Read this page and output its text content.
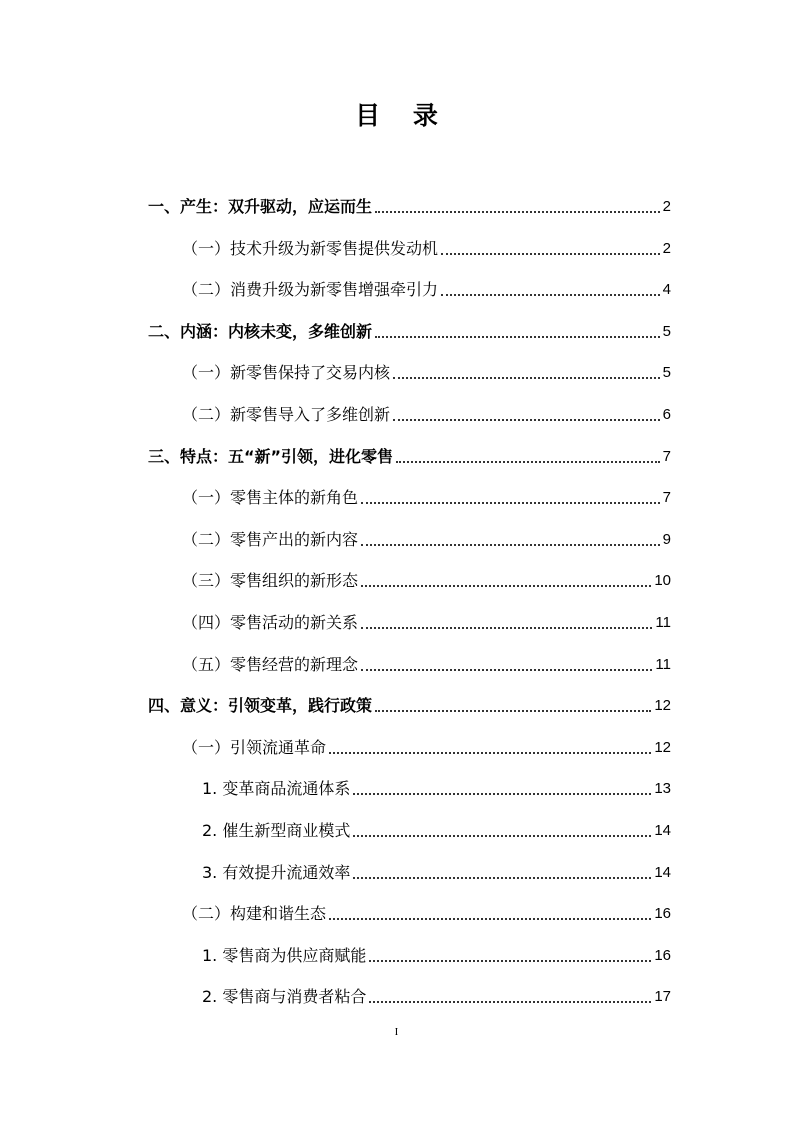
目 录
一、产生：双升驱动，应运而生	2
（一）技术升级为新零售提供发动机	2
（二）消费升级为新零售增强牵引力	4
二、内涵：内核未变，多维创新	5
（一）新零售保持了交易内核	5
（二）新零售导入了多维创新	6
三、特点：五“新”引领，进化零售	7
（一）零售主体的新角色	7
（二）零售产出的新内容	9
（三）零售组织的新形态	10
（四）零售活动的新关系	11
（五）零售经营的新理念	11
四、意义：引领变革，践行政策	12
（一）引领流通革命	12
1. 变革商品流通体系	13
2. 催生新型商业模式	14
3. 有效提升流通效率	14
（二）构建和谐生态	16
1. 零售商为供应商赋能	16
2. 零售商与消费者粘合	17
I
